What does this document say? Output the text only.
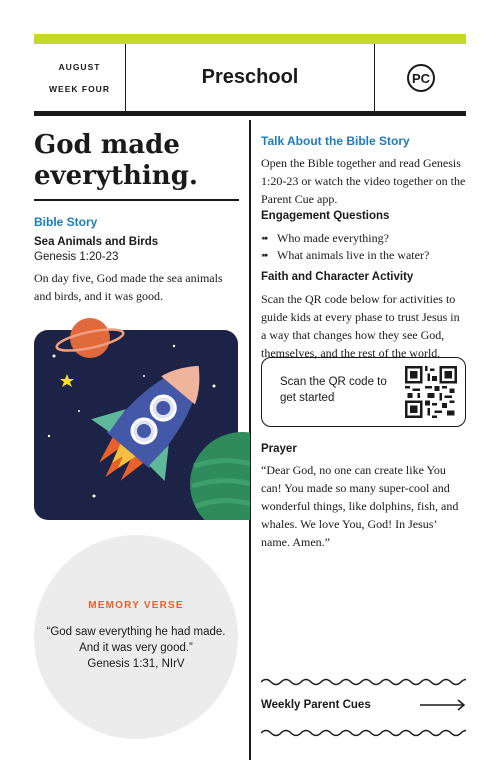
AUGUST
WEEK FOUR
Preschool	PC
God made everything.
Bible Story
Sea Animals and Birds
Genesis 1:20-23
On day five, God made the sea animals and birds, and it was good.
MEMORY VERSE
“God saw everything he had made. And it was very good.”
Genesis 1:31, NIrV
Talk About the Bible Story
Open the Bible together and read Genesis 1:20-23 or watch the video together on the Parent Cue app.
Engagement Questions
➠ Who made everything?
➠ What animals live in the water?
Faith and Character Activity
Scan the QR code below for activities to guide kids at every phase to trust Jesus in a way that changes how they see God, themselves, and the rest of the world.
Scan the QR code to get started
Prayer
“Dear God, no one can create like You can! You made so many super-cool and wonderful things, like dolphins, fish, and whales. We love You, God! In Jesus’ name. Amen.”
Weekly Parent Cues
